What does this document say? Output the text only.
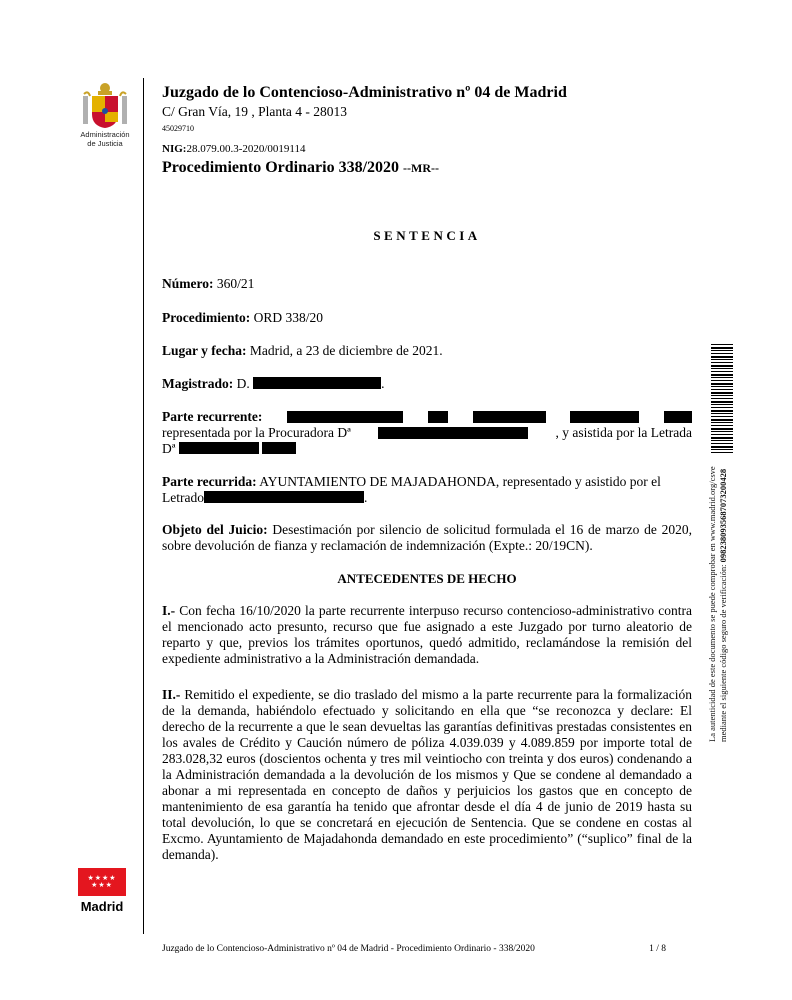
Administración
de Justicia
★★★★
★★★
Madrid
Juzgado de lo Contencioso-Administrativo nº 04 de Madrid
C/ Gran Vía, 19 , Planta 4 - 28013
45029710
NIG:28.079.00.3-2020/0019114
Procedimiento Ordinario 338/2020 --MR--
SENTENCIA
Número: 360/21
Procedimiento: ORD 338/20
Lugar y fecha: Madrid, a 23 de diciembre de 2021.
Magistrado: D.	.
Parte recurrente:
representada por la Procuradora Dª	, y asistida por la Letrada
Dª
Parte recurrida: AYUNTAMIENTO DE MAJADAHONDA, representado y asistido por el
Letrado	.
Objeto del Juicio: Desestimación por silencio de solicitud formulada el 16 de marzo de 2020, sobre devolución de fianza y reclamación de indemnización (Expte.: 20/19CN).
ANTECEDENTES DE HECHO
I.- Con fecha 16/10/2020 la parte recurrente interpuso recurso contencioso-administrativo contra el mencionado acto presunto, recurso que fue asignado a este Juzgado por turno aleatorio de reparto y que, previos los trámites oportunos, quedó admitido, reclamándose la remisión del expediente administrativo a la Administración demandada.
II.- Remitido el expediente, se dio traslado del mismo a la parte recurrente para la formalización de la demanda, habiéndolo efectuado y solicitando en ella que “se reconozca y declare: El derecho de la recurrente a que le sean devueltas las garantías definitivas prestadas consistentes en los avales de Crédito y Caución número de póliza 4.039.039 y 4.089.859 por importe total de 283.028,32 euros (doscientos ochenta y tres mil veintiocho con treinta y dos euros) condenando a la Administración demandada a la devolución de los mismos y Que se condene al demandado a abonar a mi representada en concepto de daños y perjuicios los gastos que en concepto de mantenimiento de esa garantía ha tenido que afrontar desde el día 4 de junio de 2019 hasta su total devolución, lo que se concretará en ejecución de Sentencia. Que se condene en costas al Excmo. Ayuntamiento de Majadahonda demandado en este procedimiento” (“suplico” final de la demanda).
La autenticidad de este documento se puede comprobar en www.madrid.org/csve mediante el siguiente código seguro de verificación: 0982380935687073200428
Juzgado de lo Contencioso-Administrativo nº 04 de Madrid - Procedimiento Ordinario - 338/2020	1 / 8
